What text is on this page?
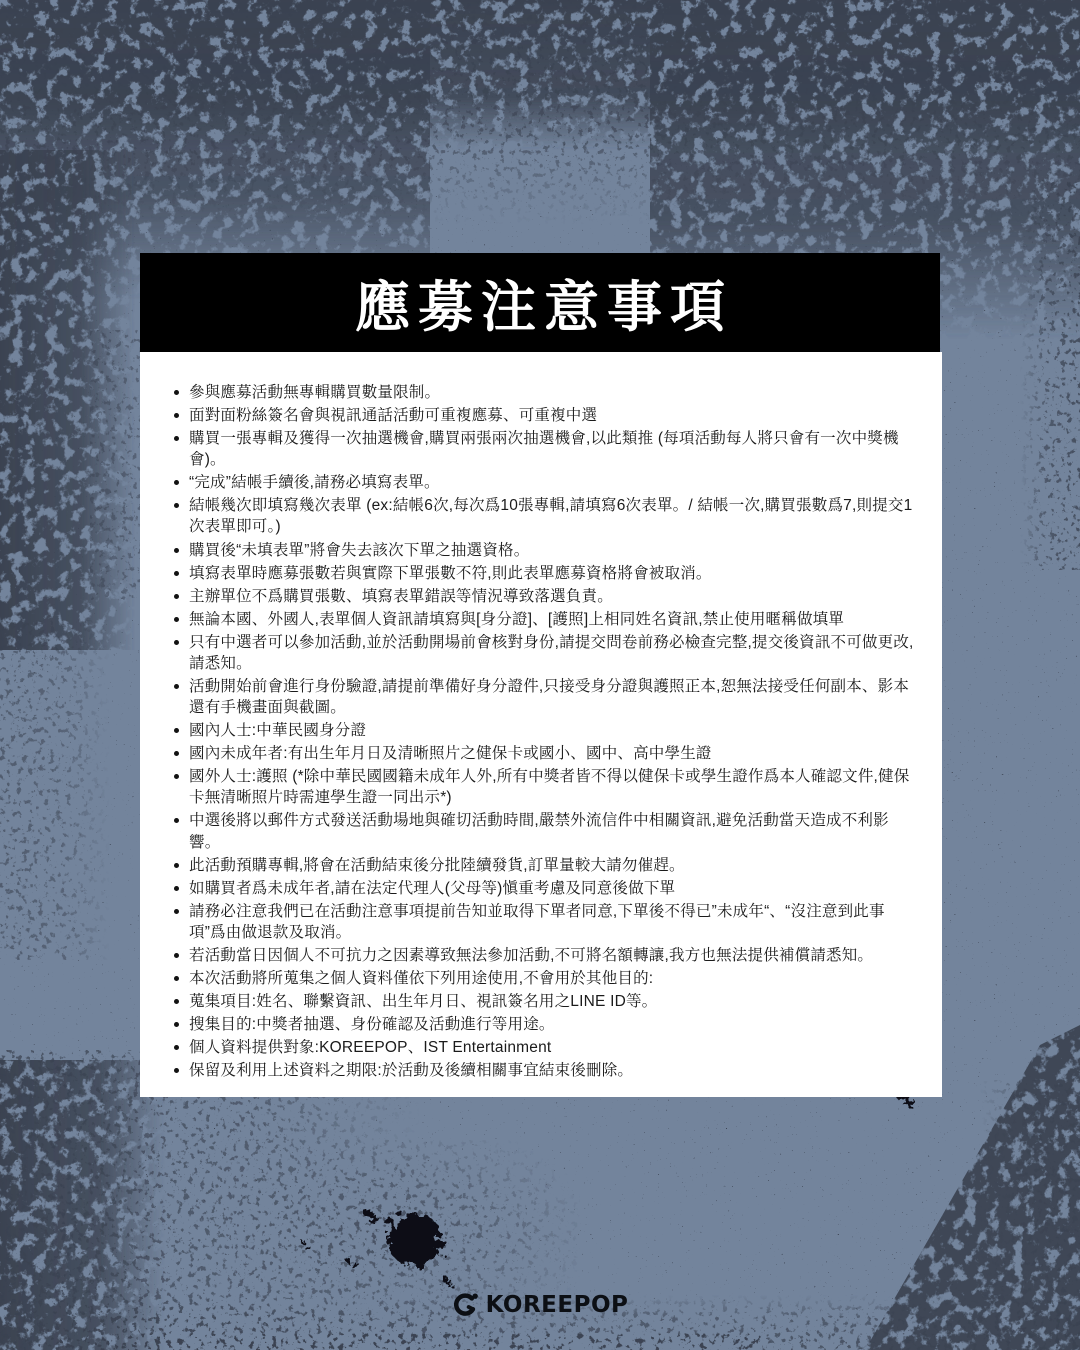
應募注意事項
參與應募活動無專輯購買數量限制。
面對面粉絲簽名會與視訊通話活動可重複應募、可重複中選
購買一張專輯及獲得一次抽選機會,購買兩張兩次抽選機會,以此類推 (每項活動每人將只會有一次中獎機會)。
“完成”結帳手續後,請務必填寫表單。
結帳幾次即填寫幾次表單 (ex:結帳6次,每次爲10張專輯,請填寫6次表單。/ 結帳一次,購買張數爲7,則提交1次表單即可。)
購買後“未填表單”將會失去該次下單之抽選資格。
填寫表單時應募張數若與實際下單張數不符,則此表單應募資格將會被取消。
主辦單位不爲購買張數、填寫表單錯誤等情況導致落選負責。
無論本國、外國人,表單個人資訊請填寫與[身分證]、[護照]上相同姓名資訊,禁止使用暱稱做填單
只有中選者可以參加活動,並於活動開場前會核對身份,請提交問卷前務必檢查完整,提交後資訊不可做更改,請悉知。
活動開始前會進行身份驗證,請提前準備好身分證件,只接受身分證與護照正本,恕無法接受任何副本、影本還有手機畫面與截圖。
國內人士:中華民國身分證
國內未成年者:有出生年月日及清晰照片之健保卡或國小、國中、高中學生證
國外人士:護照 (*除中華民國國籍未成年人外,所有中獎者皆不得以健保卡或學生證作爲本人確認文件,健保卡無清晰照片時需連學生證一同出示*)
中選後將以郵件方式發送活動場地與確切活動時間,嚴禁外流信件中相關資訊,避免活動當天造成不利影響。
此活動預購專輯,將會在活動結束後分批陸續發貨,訂單量較大請勿催趕。
如購買者爲未成年者,請在法定代理人(父母等)愼重考慮及同意後做下單
請務必注意我們已在活動注意事項提前告知並取得下單者同意,下單後不得已”未成年“、“沒注意到此事項”爲由做退款及取消。
若活動當日因個人不可抗力之因素導致無法參加活動,不可將名額轉讓,我方也無法提供補償請悉知。
本次活動將所蒐集之個人資料僅依下列用途使用,不會用於其他目的:
蒐集項目:姓名、聯繫資訊、出生年月日、視訊簽名用之LINE ID等。
搜集目的:中獎者抽選、身份確認及活動進行等用途。
個人資料提供對象:KOREEPOP、IST Entertainment
保留及利用上述資料之期限:於活動及後續相關事宜結束後刪除。
KOREEPOP
